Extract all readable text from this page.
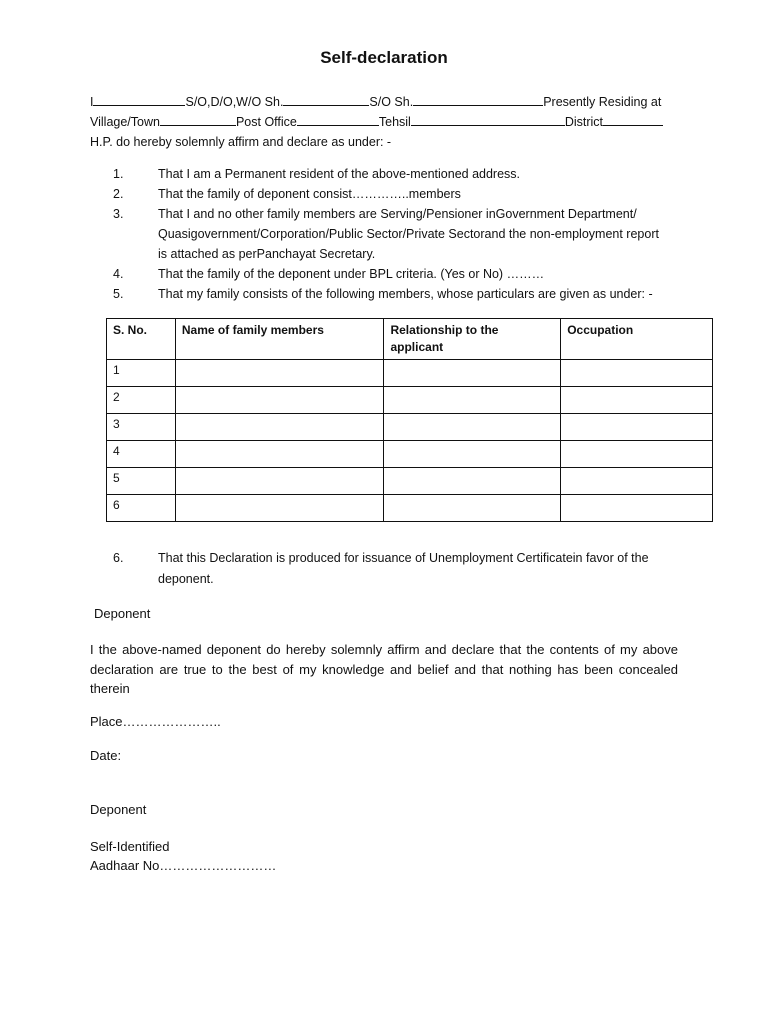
Self-declaration
I	S/O,D/O,W/O Sh.	S/O Sh.	Presently Residing at
Village/Town	Post Office	Tehsil	District
H.P. do hereby solemnly affirm and declare as under: -
1.	That I am a Permanent resident of the above-mentioned address.
2.	That the family of deponent consist…………..members
3.	That I and no other family members are Serving/Pensioner inGovernment Department/
Quasigovernment/Corporation/Public Sector/Private Sectorand the non-employment report
is attached as perPanchayat Secretary.
4.	That the family of the deponent under BPL criteria. (Yes or No) ………
5.	That my family consists of the following members, whose particulars are given as under: -
S. No.	Name of family members	Relationship to the applicant	Occupation
1			
2			
3			
4			
5			
6			
6.	That this Declaration is produced for issuance of Unemployment Certificatein favor of the
deponent.
Deponent
I the above-named deponent do hereby solemnly affirm and declare that the contents of my above declaration are true to the best of my knowledge and belief and that nothing has been concealed therein
Place…………………..
Date:
Deponent
Self-Identified
Aadhaar No………………………
